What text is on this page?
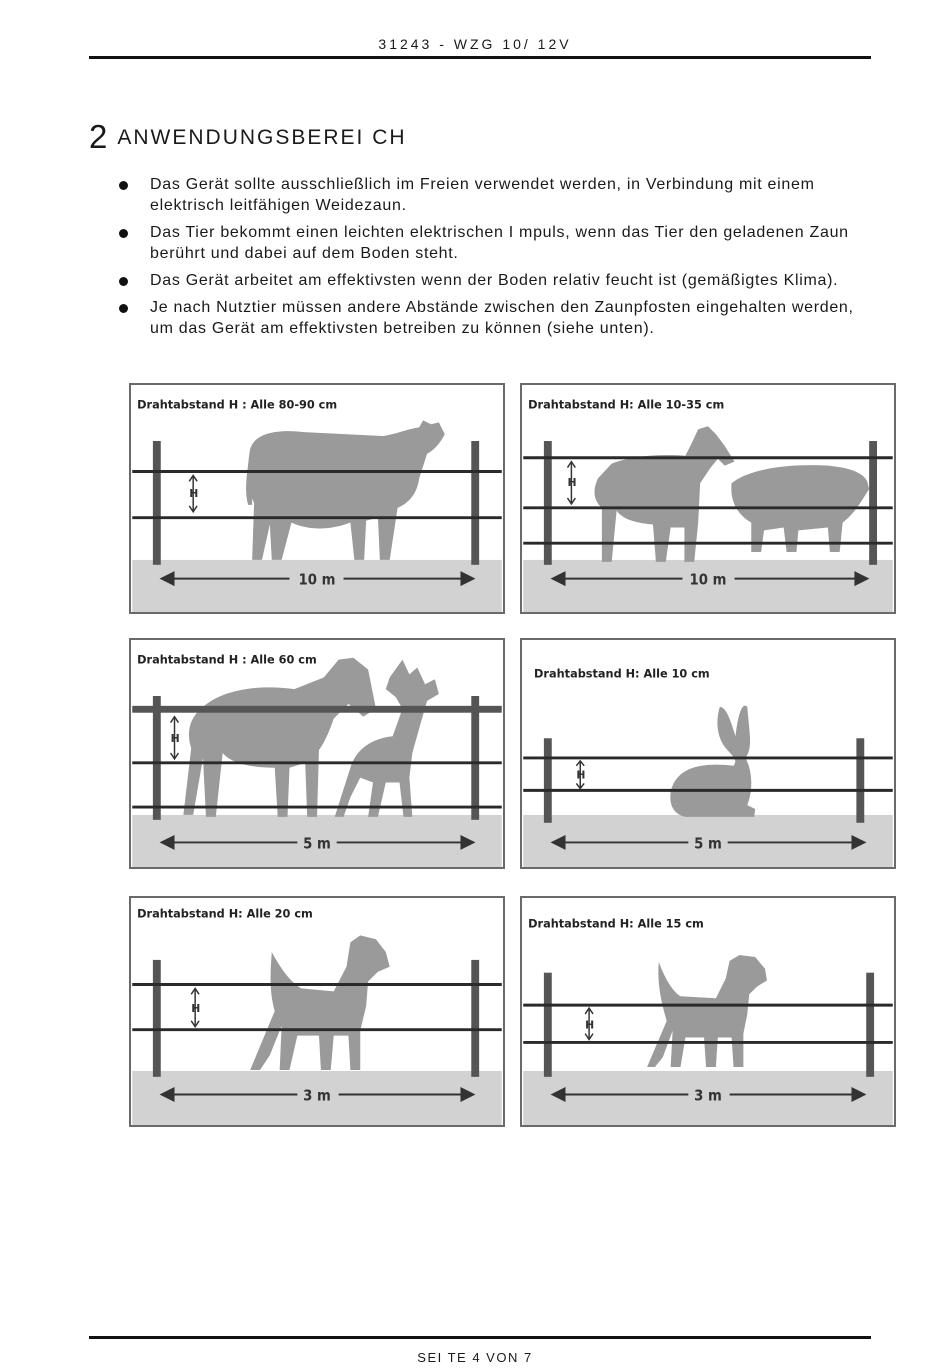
31243 - WZG 10/ 12V
2 ANWENDUNGSBEREI CH
Das Gerät sollte ausschließlich im Freien verwendet werden, in Verbindung mit einem elektrisch leitfähigen Weidezaun.
Das Tier bekommt einen leichten elektrischen I mpuls, wenn das Tier den geladenen Zaun berührt und dabei auf dem Boden steht.
Das Gerät arbeitet am effektivsten wenn der Boden relativ feucht ist (gemäßigtes Klima).
Je nach Nutztier müssen andere Abstände zwischen den Zaunpfosten eingehalten werden, um das Gerät am effektivsten betreiben zu können (siehe unten).
Drahtabstand H : Alle 80-90 cm
H
10 m
Drahtabstand H: Alle 10-35 cm
H
10 m
Drahtabstand H : Alle 60 cm
H
5 m
Drahtabstand H: Alle 10 cm
H
5 m
Drahtabstand H: Alle 20 cm
H
3 m
Drahtabstand H: Alle 15 cm
H
3 m
SEI TE 4 VON 7
